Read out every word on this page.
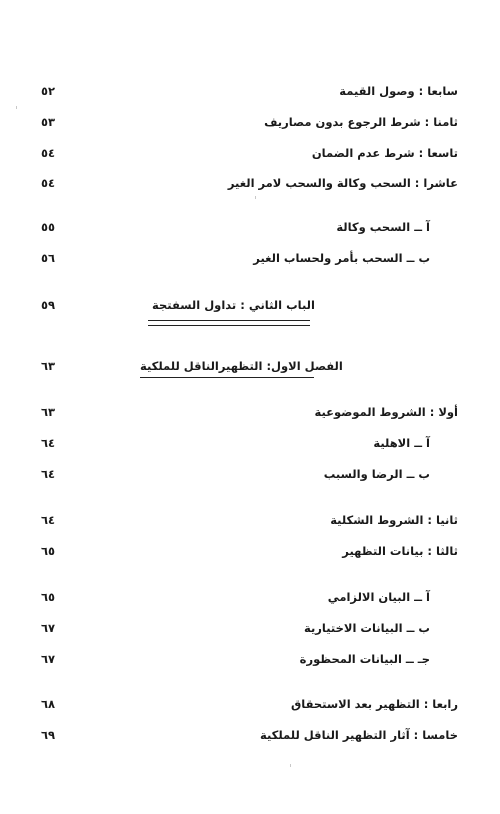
سابعا : وصول القيمة
٥٢
ثامنا : شرط الرجوع بدون مصاريف
٥٣
تاسعا : شرط عدم الضمان
٥٤
عاشرا : السحب وكالة والسحب لامر الغير
٥٤
آ ــ السحب وكالة
٥٥
ب ــ السحب بأمر ولحساب الغير
٥٦
الباب الثاني : تداول السفتجة
٥٩
الفصل الاول: التظهيرالناقل للملكية
٦٣
أولا : الشروط الموضوعية
٦٣
آ ــ الاهلية
٦٤
ب ــ الرضا والسبب
٦٤
ثانيا : الشروط الشكلية
٦٤
ثالثا : بيانات التظهير
٦٥
آ ــ البيان الالزامي
٦٥
ب ــ البيانات الاختيارية
٦٧
جـ ــ البيانات المحظورة
٦٧
رابعا : التظهير بعد الاستحقاق
٦٨
خامسا : آثار التظهير الناقل للملكية
٦٩
